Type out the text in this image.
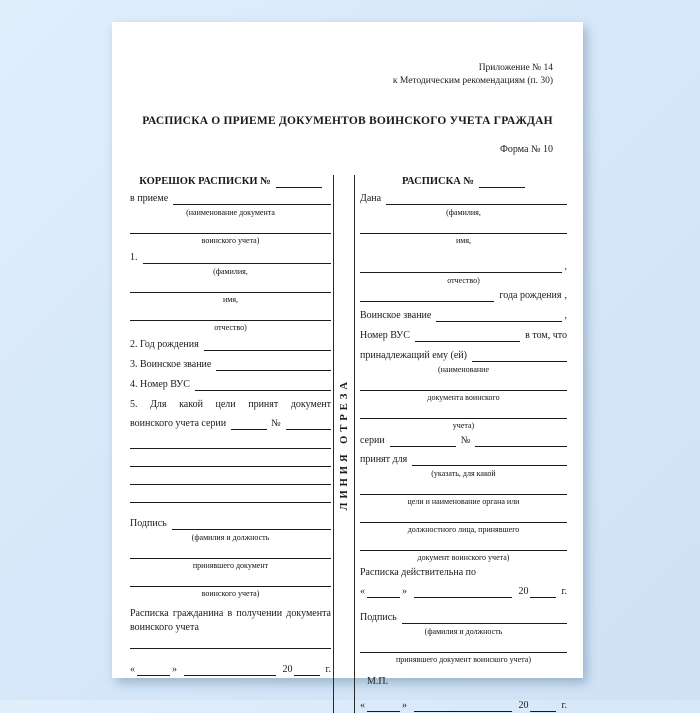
Приложение № 14
к Методическим рекомендациям (п. 30)
РАСПИСКА О ПРИЕМЕ ДОКУМЕНТОВ ВОИНСКОГО УЧЕТА ГРАЖДАН
Форма № 10
КОРЕШОК РАСПИСКИ №
в приеме
(наименование документа
воинского учета)
1.
(фамилия,
имя,
отчество)
2. Год рождения
3. Воинское звание
4. Номер ВУС
5. Для какой цели принят документ
воинского учета серии	№
Подпись
(фамилия и должность
принявшего документ
воинского учета)
Расписка гражданина в получении документа воинского учета
«	»	20	г.
ЛИНИЯ ОТРЕЗА
РАСПИСКА №
Дана
(фамилия,
имя,
,
отчество)
года рождения ,
Воинское звание	,
Номер ВУС	в том, что
принадлежащий ему (ей)
(наименование
документа воинского
учета)
серии	№
принят для
(указать, для какой
цели и наименование органа или
должностного лица, принявшего
документ воинского учета)
Расписка действительна по
«	»	20	г.
Подпись
(фамилия и должность
принявшего документ воинского учета)
М.П.
«	»	20	г.
